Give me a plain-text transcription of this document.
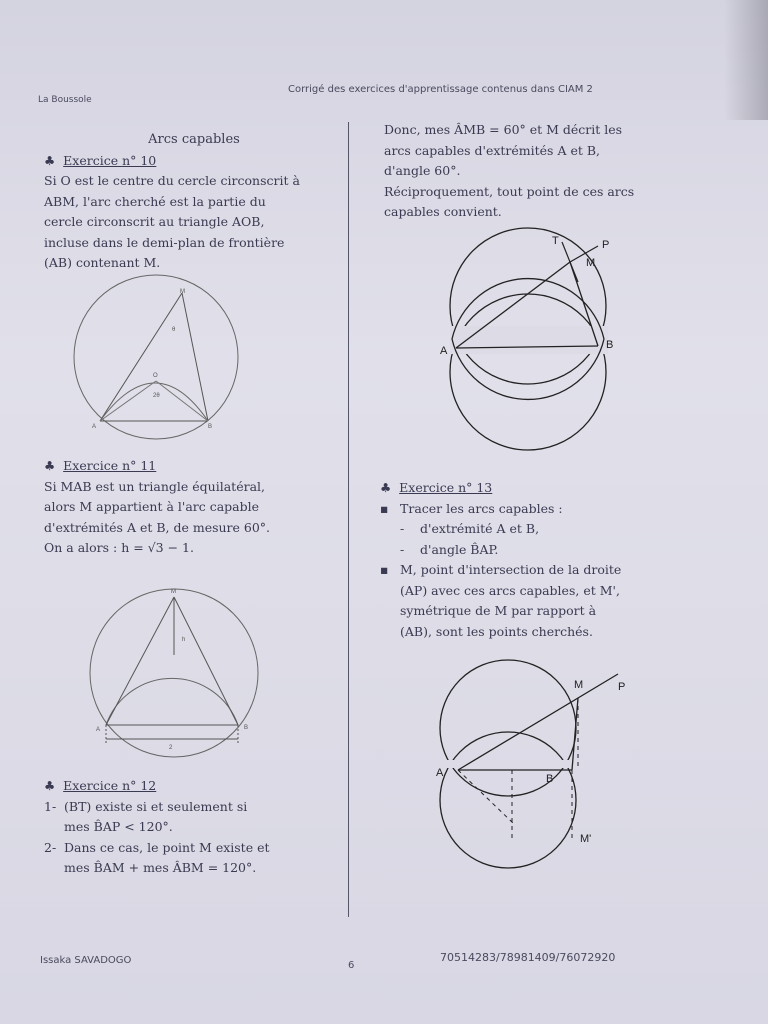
La Boussole
Corrigé des exercices d'apprentissage contenus dans CIAM 2

Arcs capables

♣  Exercice n° 10

Si O est le centre du cercle circonscrit à

ABM, l'arc cherché est la partie du

cercle circonscrit au triangle AOB,

incluse dans le demi-plan de frontière

(AB) contenant M.

M
A	B
O
2θ
θ

♣  Exercice n° 11

Si MAB est un triangle équilatéral,

alors M appartient à l'arc capable

d'extrémités A et B, de mesure 60°.

On a alors : h = √3 − 1.

M
A	B
h
2

♣  Exercice n° 12

1- (BT) existe si et seulement si

mes B̂AP < 120°.

2- Dans ce cas, le point M existe et

mes B̂AM + mes ÂBM = 120°.

Donc, mes ÂMB = 60° et M décrit les

arcs capables d'extrémités A et B,

d'angle 60°.

Réciproquement, tout point de ces arcs

capables convient.

T	P
M
A	B

♣  Exercice n° 13

▪ Tracer les arcs capables :

- d'extrémité A et B,

- d'angle B̂AP.

▪ M, point d'intersection de la droite

(AP) avec ces arcs capables, et M',

symétrique de M par rapport à

(AB), sont les points cherchés.

M	P
A	B
M'
Issaka SAVADOGO	6
70514283/78981409/76072920
